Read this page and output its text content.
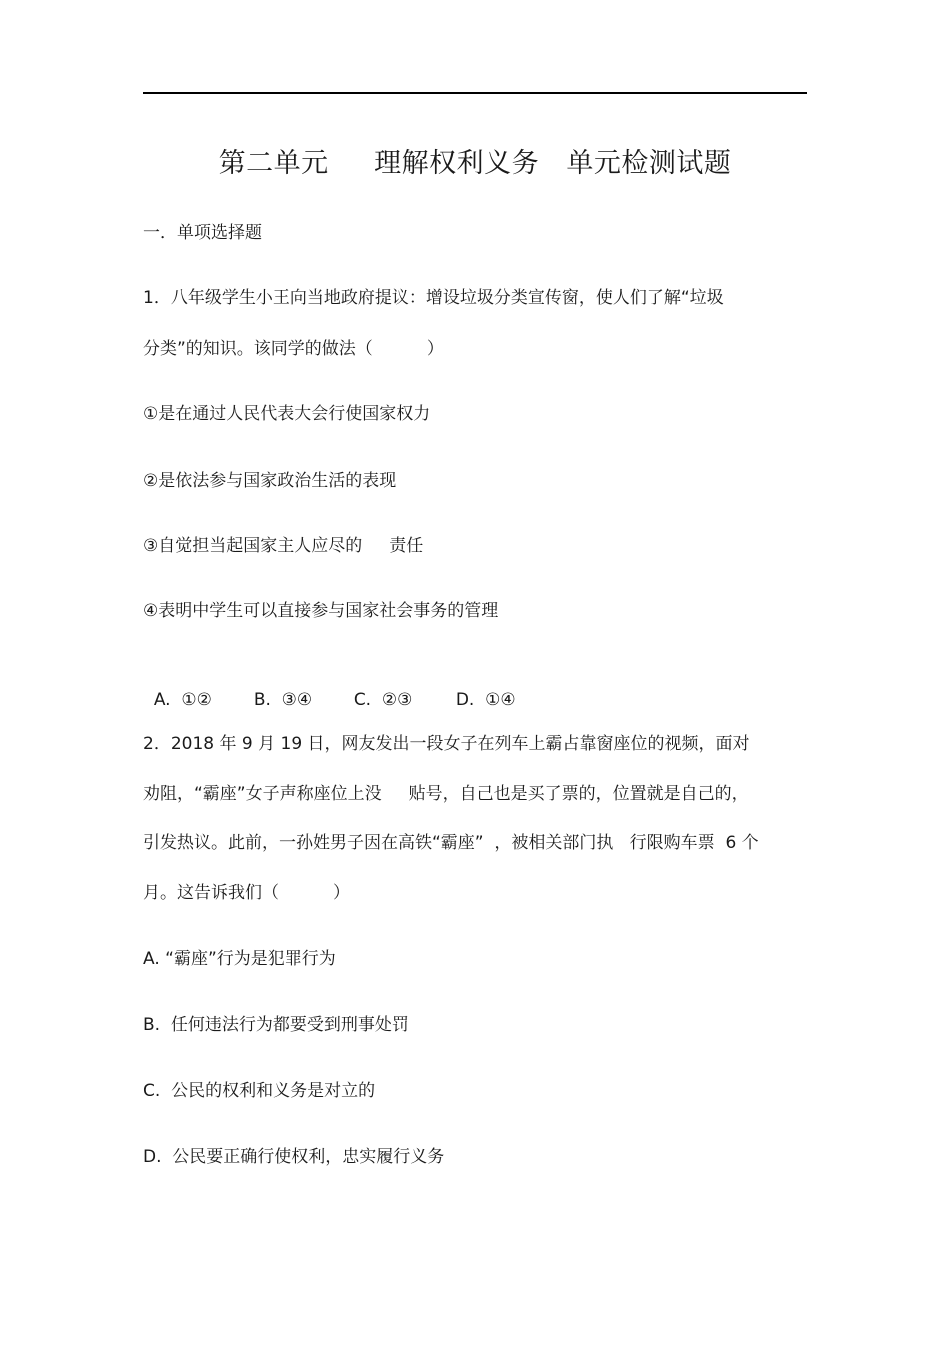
第二单元     理解权利义务   单元检测试题
一．单项选择题
1．八年级学生小王向当地政府提议：增设垃圾分类宣传窗，使人们了解“垃圾
分类”的知识。该同学的做法（          ）
①是在通过人民代表大会行使国家权力
②是依法参与国家政治生活的表现
③自觉担当起国家主人应尽的     责任
④表明中学生可以直接参与国家社会事务的管理

A.  ①② B.  ③④ C.  ②③	D.  ①④

2．2018 年 9 月 19 日，网友发出一段女子在列车上霸占靠窗座位的视频，面对
劝阻，“霸座”女子声称座位上没     贴号，自己也是买了票的，位置就是自己的，
引发热议。此前，一孙姓男子因在高铁“霸座”  ，被相关部门执   行限购车票  6 个
月。这告诉我们（          ）
A. “霸座”行为是犯罪行为
B.  任何违法行为都要受到刑事处罚
C.  公民的权利和义务是对立的
D.  公民要正确行使权利，忠实履行义务
